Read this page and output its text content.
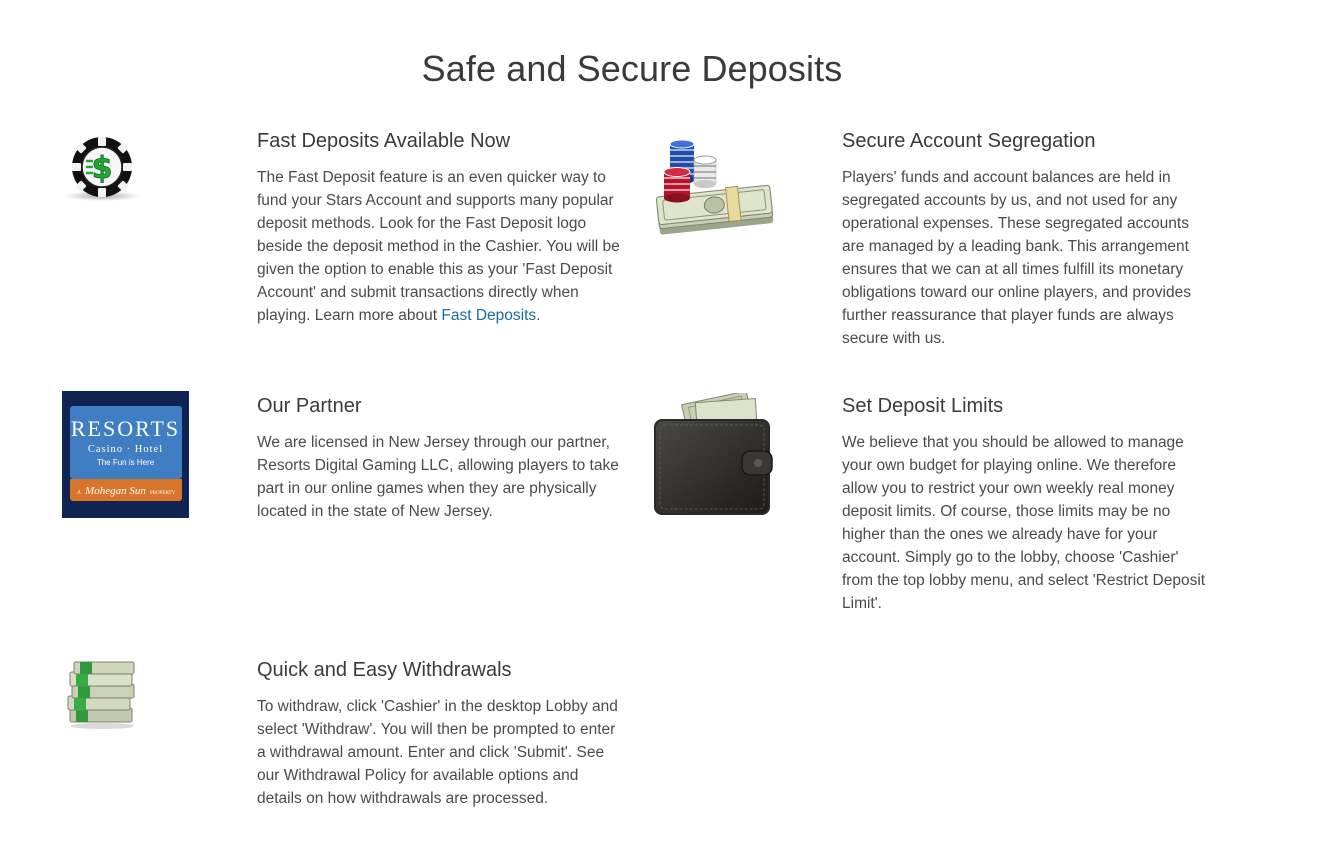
Safe and Secure Deposits
$
Fast Deposits Available Now

The Fast Deposit feature is an even quicker way to fund your Stars Account and supports many popular deposit methods. Look for the Fast Deposit logo beside the deposit method in the Cashier. You will be given the option to enable this as your 'Fast Deposit Account' and submit transactions directly when playing. Learn more about Fast Deposits.

Secure Account Segregation

Players' funds and account balances are held in segregated accounts by us, and not used for any operational expenses. These segregated accounts are managed by a leading bank. This arrangement ensures that we can at all times fulfill its monetary obligations toward our online players, and provides further reassurance that player funds are always secure with us.

RESORTS
Casino · Hotel
The Fun is Here
A Mohegan Sun PROPERTY
Our Partner

We are licensed in New Jersey through our partner, Resorts Digital Gaming LLC, allowing players to take part in our online games when they are physically located in the state of New Jersey.

Set Deposit Limits

We believe that you should be allowed to manage your own budget for playing online. We therefore allow you to restrict your own weekly real money deposit limits. Of course, those limits may be no higher than the ones we already have for your account. Simply go to the lobby, choose 'Cashier' from the top lobby menu, and select 'Restrict Deposit Limit'.

Quick and Easy Withdrawals

To withdraw, click 'Cashier' in the desktop Lobby and select 'Withdraw'. You will then be prompted to enter a withdrawal amount. Enter and click 'Submit'. See our Withdrawal Policy for available options and details on how withdrawals are processed.
